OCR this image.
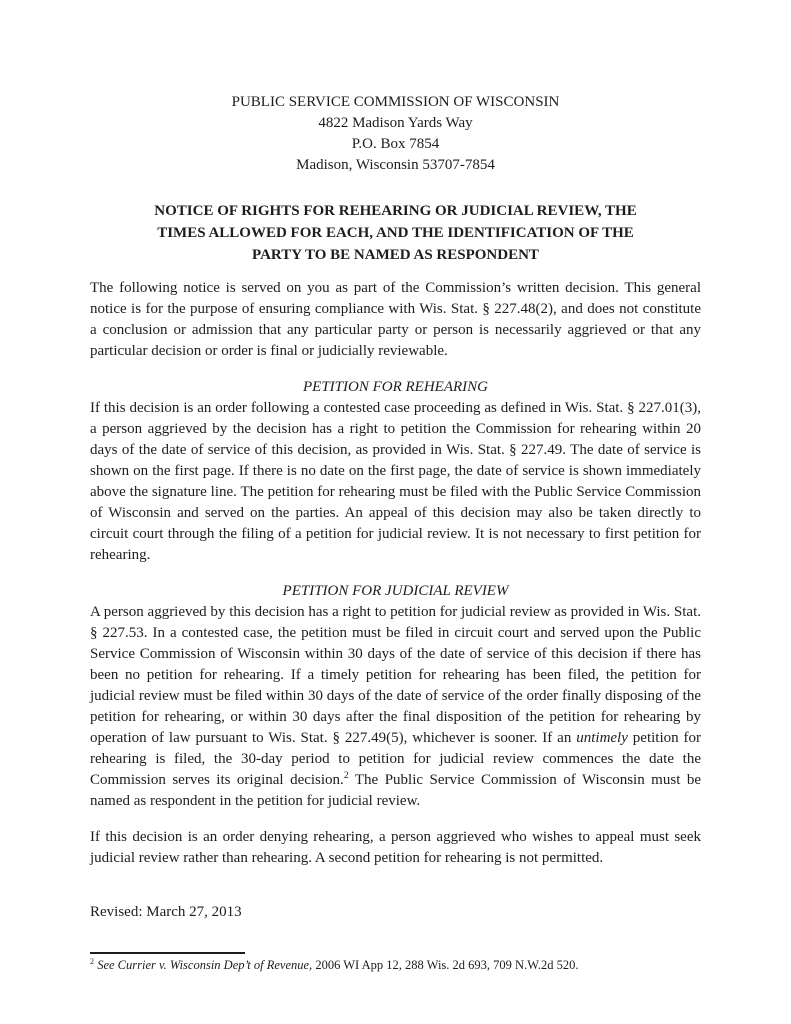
PUBLIC SERVICE COMMISSION OF WISCONSIN
4822 Madison Yards Way
P.O. Box 7854
Madison, Wisconsin 53707-7854
NOTICE OF RIGHTS FOR REHEARING OR JUDICIAL REVIEW, THE
TIMES ALLOWED FOR EACH, AND THE IDENTIFICATION OF THE
PARTY TO BE NAMED AS RESPONDENT

The following notice is served on you as part of the Commission’s written decision. This general notice is for the purpose of ensuring compliance with Wis. Stat. § 227.48(2), and does not constitute a conclusion or admission that any particular party or person is necessarily aggrieved or that any particular decision or order is final or judicially reviewable.

PETITION FOR REHEARING

If this decision is an order following a contested case proceeding as defined in Wis. Stat. § 227.01(3), a person aggrieved by the decision has a right to petition the Commission for rehearing within 20 days of the date of service of this decision, as provided in Wis. Stat. § 227.49. The date of service is shown on the first page. If there is no date on the first page, the date of service is shown immediately above the signature line. The petition for rehearing must be filed with the Public Service Commission of Wisconsin and served on the parties. An appeal of this decision may also be taken directly to circuit court through the filing of a petition for judicial review. It is not necessary to first petition for rehearing.

PETITION FOR JUDICIAL REVIEW

A person aggrieved by this decision has a right to petition for judicial review as provided in Wis. Stat. § 227.53. In a contested case, the petition must be filed in circuit court and served upon the Public Service Commission of Wisconsin within 30 days of the date of service of this decision if there has been no petition for rehearing. If a timely petition for rehearing has been filed, the petition for judicial review must be filed within 30 days of the date of service of the order finally disposing of the petition for rehearing, or within 30 days after the final disposition of the petition for rehearing by operation of law pursuant to Wis. Stat. § 227.49(5), whichever is sooner. If an untimely petition for rehearing is filed, the 30-day period to petition for judicial review commences the date the Commission serves its original decision.$^2$ The Public Service Commission of Wisconsin must be named as respondent in the petition for judicial review.

If this decision is an order denying rehearing, a person aggrieved who wishes to appeal must seek judicial review rather than rehearing. A second petition for rehearing is not permitted.

Revised: March 27, 2013

$^2$ See Currier v. Wisconsin Dep’t of Revenue, 2006 WI App 12, 288 Wis. 2d 693, 709 N.W.2d 520.
